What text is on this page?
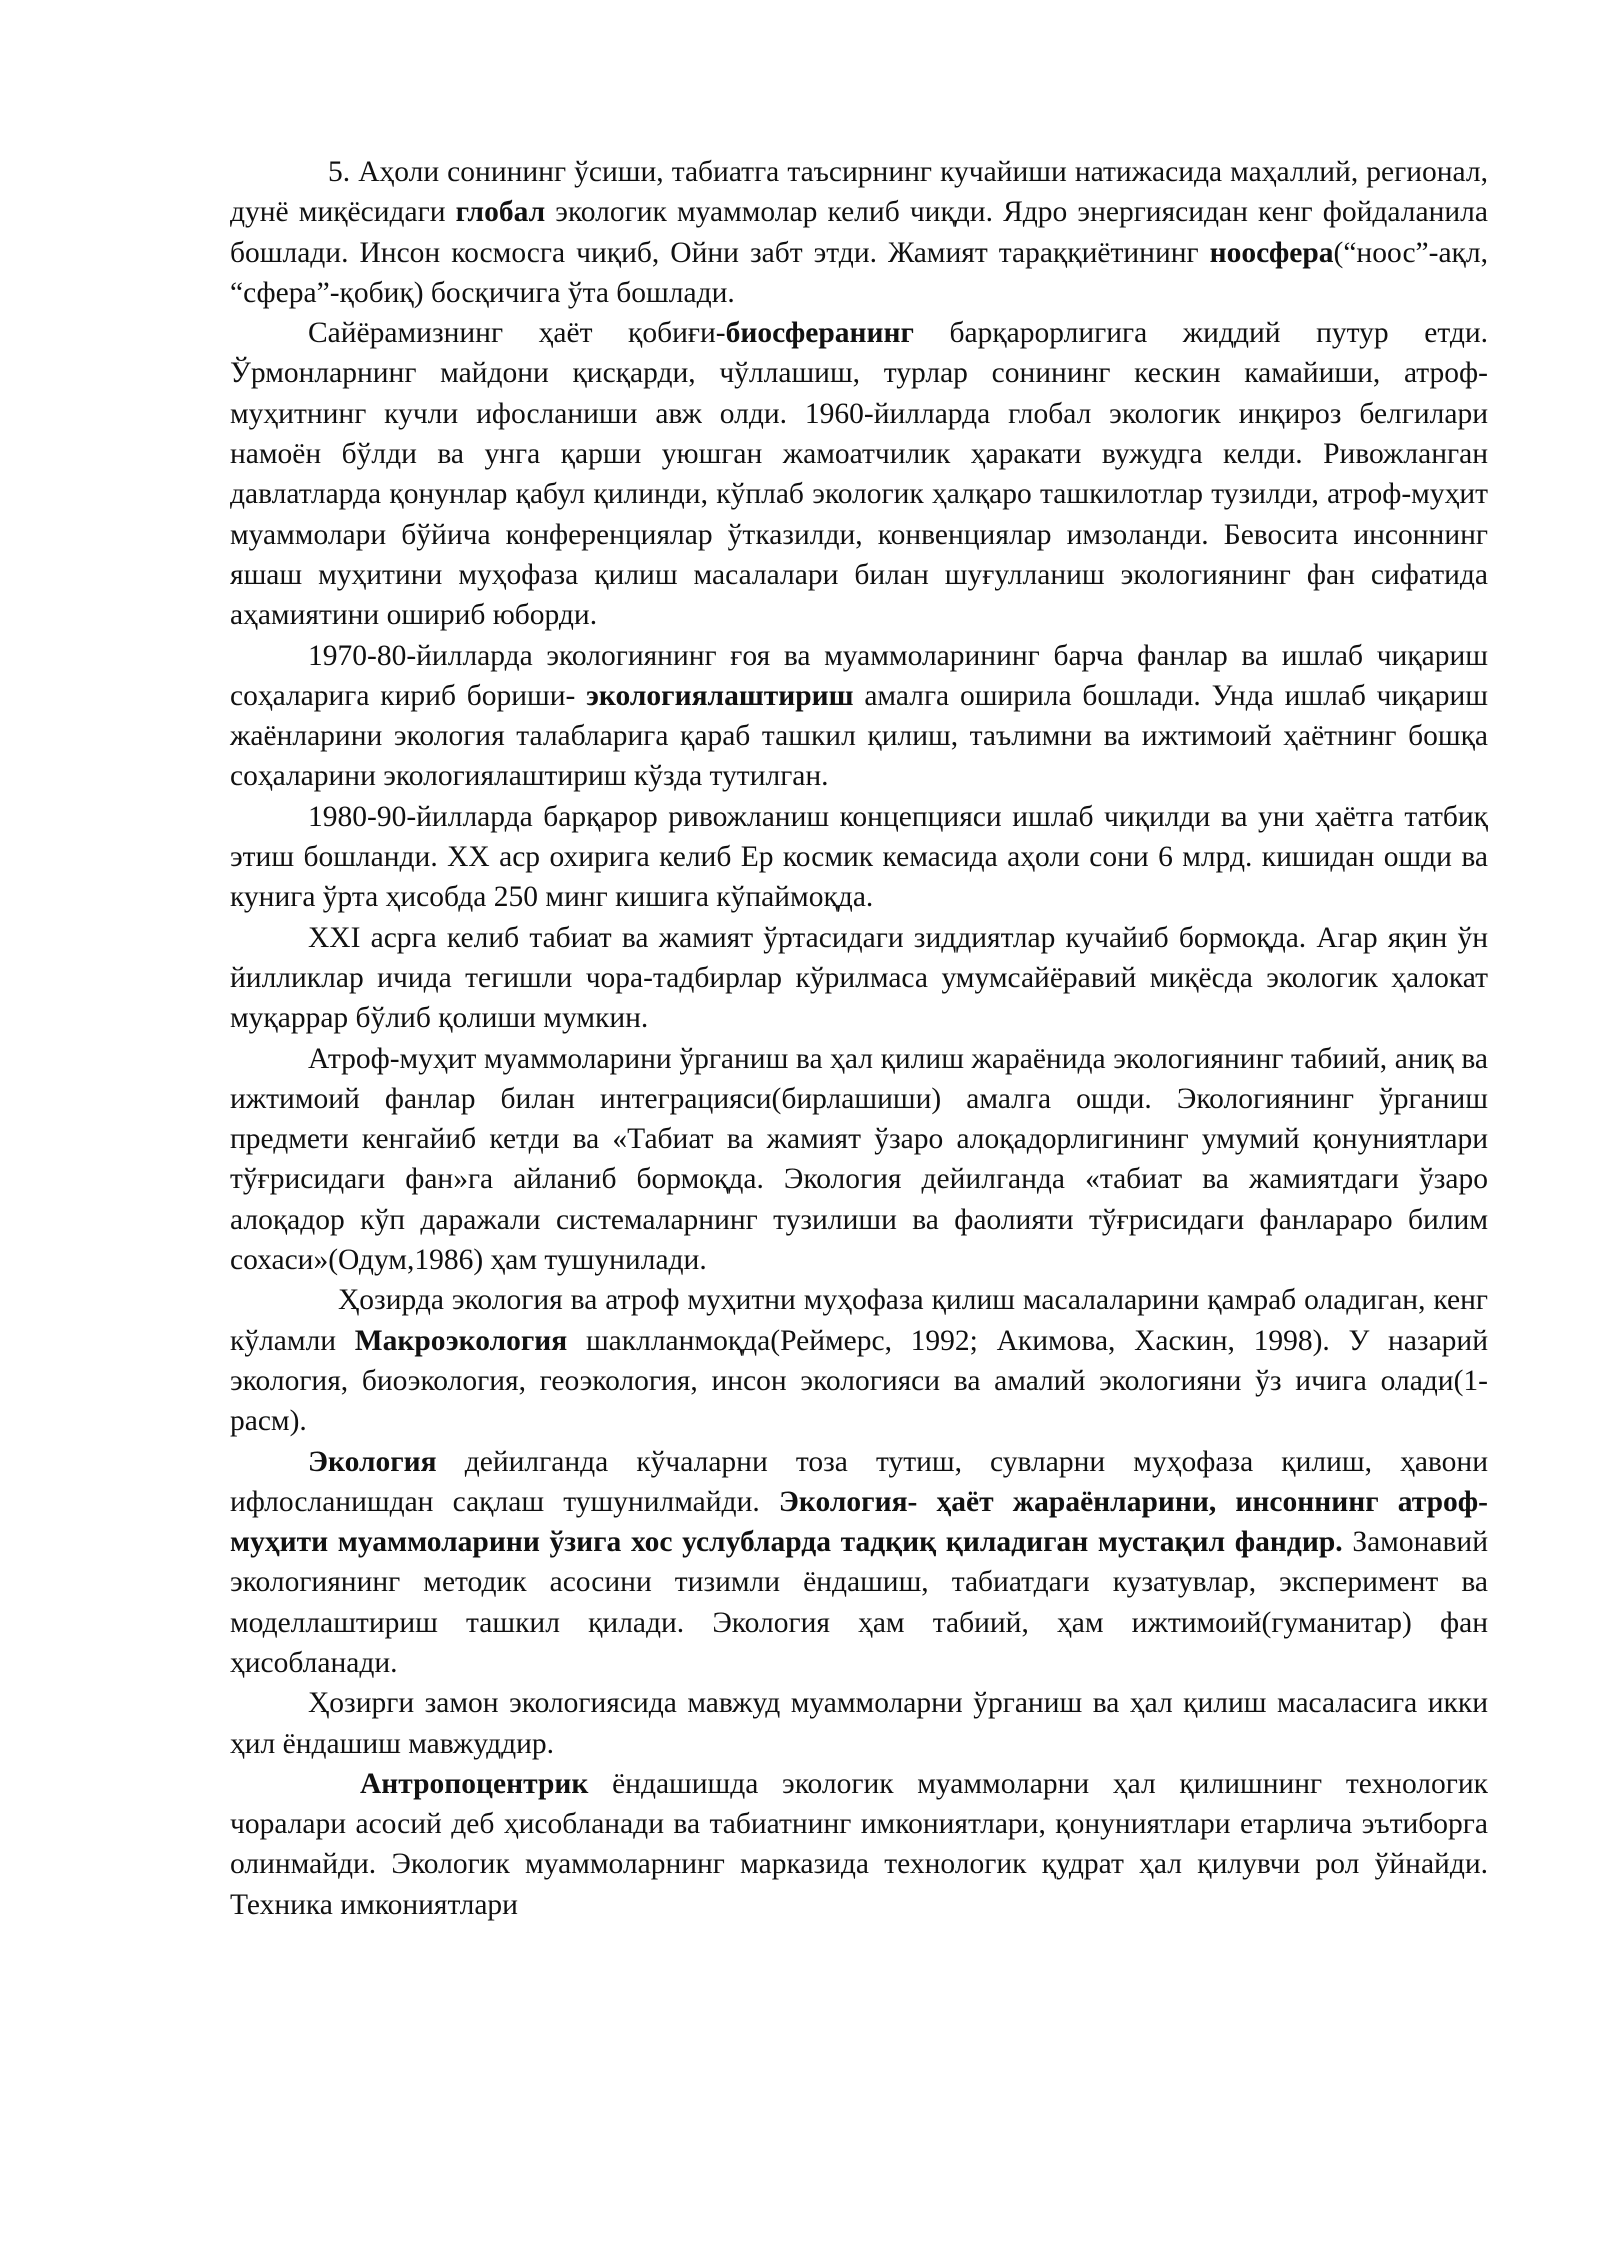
5. Аҳоли сонининг ўсиши, табиатга таъсирнинг кучайиши натижасида маҳаллий, регионал, дунё миқёсидаги глобал экологик муаммолар келиб чиқди. Ядро энергиясидан кенг фойдаланила бошлади. Инсон космосга чиқиб, Ойни забт этди. Жамият тараққиётининг ноосфера(“ноос”-ақл, “сфера”-қобиқ) босқичига ўта бошлади.

Сайёрамизнинг ҳаёт қобиғи-биосферанинг барқарорлигига жиддий путур етди. Ўрмонларнинг майдони қисқарди, чўллашиш, турлар сонининг кескин камайиши, атроф-муҳитнинг кучли ифосланиши авж олди. 1960-йилларда глобал экологик инқироз белгилари намоён бўлди ва унга қарши уюшган жамоатчилик ҳаракати вужудга келди. Ривожланган давлатларда қонунлар қабул қилинди, кўплаб экологик ҳалқаро ташкилотлар тузилди, атроф-муҳит муаммолари бўйича конференциялар ўтказилди, конвенциялар имзоланди. Бевосита инсоннинг яшаш муҳитини муҳофаза қилиш масалалари билан шуғулланиш экологиянинг фан сифатида аҳамиятини ошириб юборди.

1970-80-йилларда экологиянинг ғоя ва муаммоларининг барча фанлар ва ишлаб чиқариш соҳаларига кириб бориши- экологиялаштириш амалга оширила бошлади. Унда ишлаб чиқариш жаёнларини экология талабларига қараб ташкил қилиш, таълимни ва ижтимоий ҳаётнинг бошқа соҳаларини экологиялаштириш кўзда тутилган.

1980-90-йилларда барқарор ривожланиш концепцияси ишлаб чиқилди ва уни ҳаётга татбиқ этиш бошланди. ХХ аср охирига келиб Ер космик кемасида аҳоли сони 6 млрд. кишидан ошди ва кунига ўрта ҳисобда 250 минг кишига кўпаймоқда.

XXI асрга келиб табиат ва жамият ўртасидаги зиддиятлар кучайиб бормоқда. Агар яқин ўн йилликлар ичида тегишли чора-тадбирлар кўрилмаса умумсайёравий миқёсда экологик ҳалокат муқаррар бўлиб қолиши мумкин.

Атроф-муҳит муаммоларини ўрганиш ва ҳал қилиш жараёнида экологиянинг табиий, аниқ ва ижтимоий фанлар билан интеграцияси(бирлашиши) амалга ошди. Экологиянинг ўрганиш предмети кенгайиб кетди ва «Табиат ва жамият ўзаро алоқадорлигининг умумий қонуниятлари тўғрисидаги фан»га айланиб бормоқда. Экология дейилганда «табиат ва жамиятдаги ўзаро алоқадор кўп даражали системаларнинг тузилиши ва фаолияти тўғрисидаги фанлараро билим сохаси»(Одум,1986) ҳам тушунилади.

Ҳозирда экология ва атроф муҳитни муҳофаза қилиш масалаларини қамраб оладиган, кенг кўламли Макроэкология шаклланмоқда(Реймерс, 1992; Акимова, Хаскин, 1998). У назарий экология, биоэкология, геоэкология, инсон экологияси ва амалий экологияни ўз ичига олади(1-расм).

Экология дейилганда кўчаларни тоза тутиш, сувларни муҳофаза қилиш, ҳавони ифлосланишдан сақлаш тушунилмайди. Экология- ҳаёт жараёнларини, инсоннинг атроф-муҳити муаммоларини ўзига хос услубларда тадқиқ қиладиган мустақил фандир. Замонавий экологиянинг методик асосини тизимли ёндашиш, табиатдаги кузатувлар, эксперимент ва моделлаштириш ташкил қилади. Экология ҳам табиий, ҳам ижтимоий(гуманитар) фан ҳисобланади.

Ҳозирги замон экологиясида мавжуд муаммоларни ўрганиш ва ҳал қилиш масаласига икки ҳил ёндашиш мавжуддир.

Антропоцентрик ёндашишда экологик муаммоларни ҳал қилишнинг технологик чоралари асосий деб ҳисобланади ва табиатнинг имкониятлари, қонуниятлари етарлича эътиборга олинмайди. Экологик муаммоларнинг марказида технологик қудрат ҳал қилувчи рол ўйнайди. Техника имкониятлари
